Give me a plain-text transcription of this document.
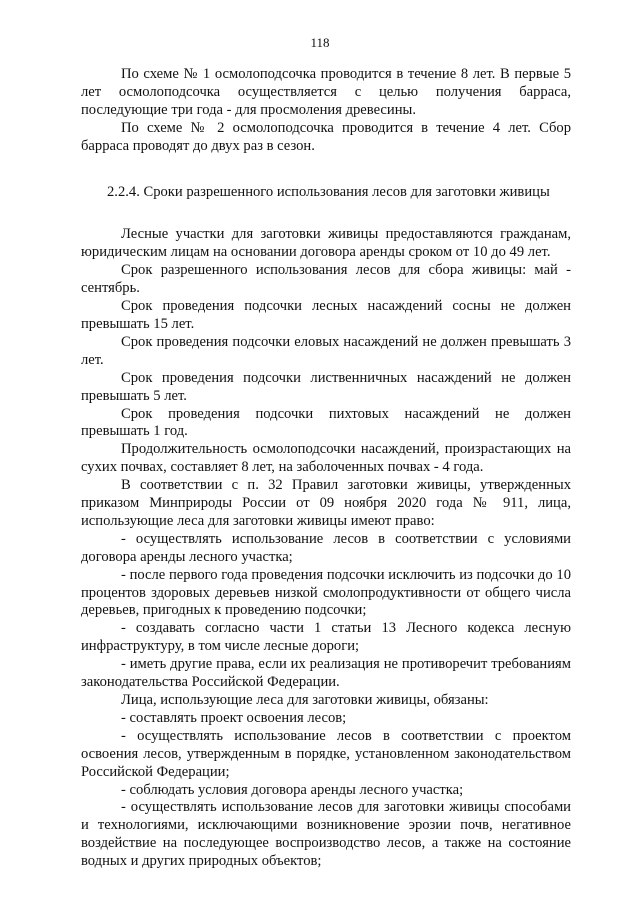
118

По схеме № 1 осмолоподсочка проводится в течение 8 лет. В первые 5 лет осмолоподсочка осуществляется с целью получения барраса, последующие три года - для просмоления древесины.

По схеме № 2 осмолоподсочка проводится в течение 4 лет. Сбор барраса проводят до двух раз в сезон.

2.2.4. Сроки разрешенного использования лесов для заготовки живицы

Лесные участки для заготовки живицы предоставляются гражданам, юридическим лицам на основании договора аренды сроком от 10 до 49 лет.

Срок разрешенного использования лесов для сбора живицы: май - сентябрь.

Срок проведения подсочки лесных насаждений сосны не должен превышать 15 лет.

Срок проведения подсочки еловых насаждений не должен превышать 3 лет.

Срок проведения подсочки лиственничных насаждений не должен превышать 5 лет.

Срок проведения подсочки пихтовых насаждений не должен превышать 1 год.

Продолжительность осмолоподсочки насаждений, произрастающих на сухих почвах, составляет 8 лет, на заболоченных почвах - 4 года.

В соответствии с п. 32 Правил заготовки живицы, утвержденных приказом Минприроды России от 09 ноября 2020 года № 911, лица, использующие леса для заготовки живицы имеют право:

- осуществлять использование лесов в соответствии с условиями договора аренды лесного участка;

- после первого года проведения подсочки исключить из подсочки до 10 процентов здоровых деревьев низкой смолопродуктивности от общего числа деревьев, пригодных к проведению подсочки;

- создавать согласно части 1 статьи 13 Лесного кодекса лесную инфраструктуру, в том числе лесные дороги;

- иметь другие права, если их реализация не противоречит требованиям законодательства Российской Федерации.

Лица, использующие леса для заготовки живицы, обязаны:

- составлять проект освоения лесов;

- осуществлять использование лесов в соответствии с проектом освоения лесов, утвержденным в порядке, установленном законодательством Российской Федерации;

- соблюдать условия договора аренды лесного участка;

- осуществлять использование лесов для заготовки живицы способами и технологиями, исключающими возникновение эрозии почв, негативное воздействие на последующее воспроизводство лесов, а также на состояние водных и других природных объектов;
